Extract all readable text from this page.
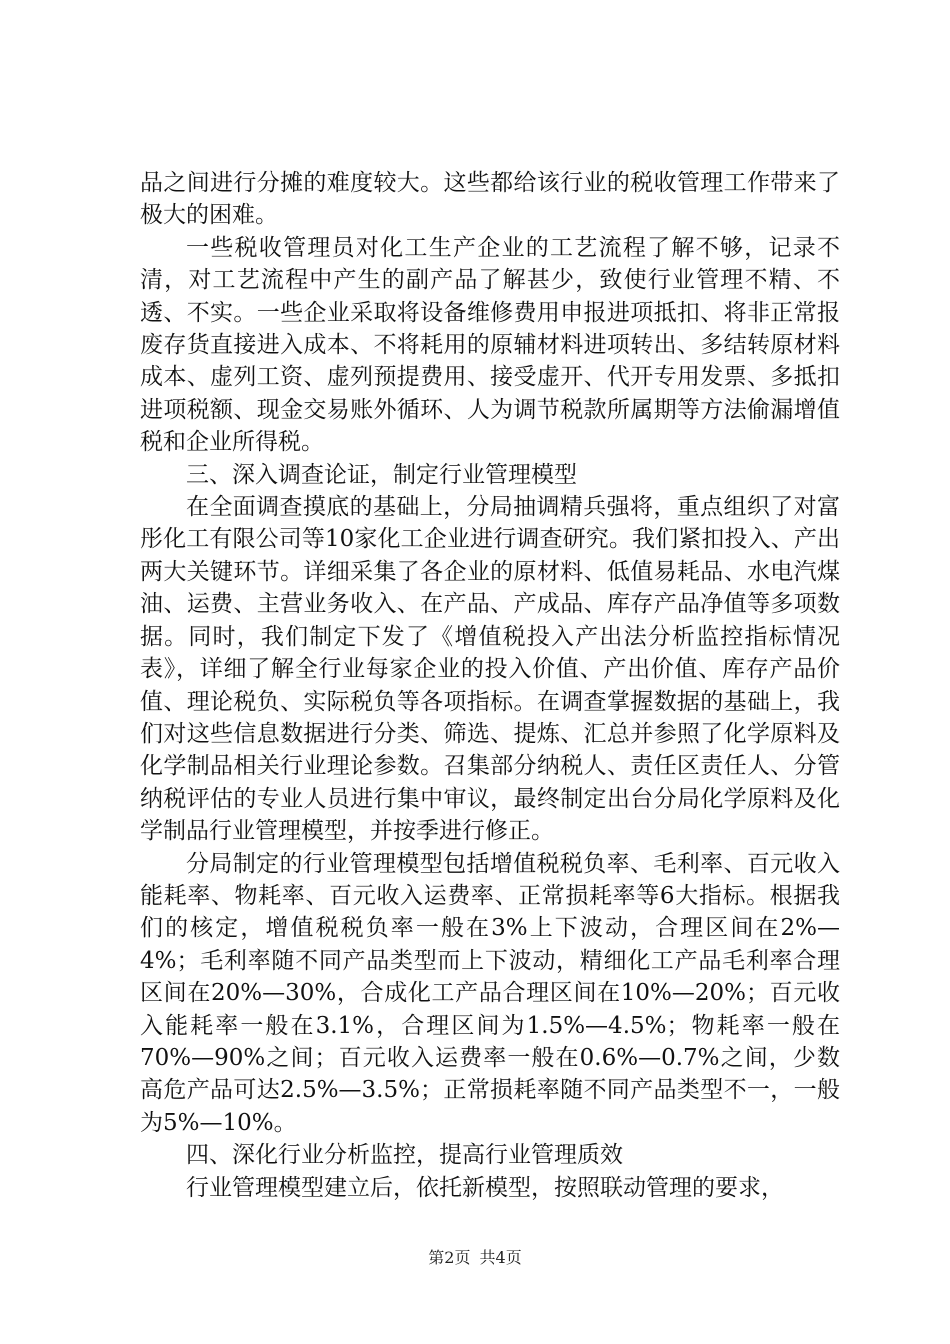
品之间进行分摊的难度较大。这些都给该行业的税收管理工作带来了极大的困难。

一些税收管理员对化工生产企业的工艺流程了解不够，记录不清，对工艺流程中产生的副产品了解甚少，致使行业管理不精、不透、不实。一些企业采取将设备维修费用申报进项抵扣、将非正常报废存货直接进入成本、不将耗用的原辅材料进项转出、多结转原材料成本、虚列工资、虚列预提费用、接受虚开、代开专用发票、多抵扣进项税额、现金交易账外循环、人为调节税款所属期等方法偷漏增值税和企业所得税。

三、深入调查论证，制定行业管理模型

在全面调查摸底的基础上，分局抽调精兵强将，重点组织了对富彤化工有限公司等10家化工企业进行调查研究。我们紧扣投入、产出两大关键环节。详细采集了各企业的原材料、低值易耗品、水电汽煤油、运费、主营业务收入、在产品、产成品、库存产品净值等多项数据。同时，我们制定下发了《增值税投入产出法分析监控指标情况表》，详细了解全行业每家企业的投入价值、产出价值、库存产品价值、理论税负、实际税负等各项指标。在调查掌握数据的基础上，我们对这些信息数据进行分类、筛选、提炼、汇总并参照了化学原料及化学制品相关行业理论参数。召集部分纳税人、责任区责任人、分管纳税评估的专业人员进行集中审议，最终制定出台分局化学原料及化学制品行业管理模型，并按季进行修正。

分局制定的行业管理模型包括增值税税负率、毛利率、百元收入能耗率、物耗率、百元收入运费率、正常损耗率等6大指标。根据我们的核定，增值税税负率一般在3%上下波动，合理区间在2%—4%；毛利率随不同产品类型而上下波动，精细化工产品毛利率合理区间在20%—30%，合成化工产品合理区间在10%—20%；百元收入能耗率一般在3.1%，合理区间为1.5%—4.5%；物耗率一般在70%—90%之间；百元收入运费率一般在0.6%—0.7%之间，少数高危产品可达2.5%—3.5%；正常损耗率随不同产品类型不一，一般为5%—10%。

四、深化行业分析监控，提高行业管理质效

行业管理模型建立后，依托新模型，按照联动管理的要求，

第2页 共4页
